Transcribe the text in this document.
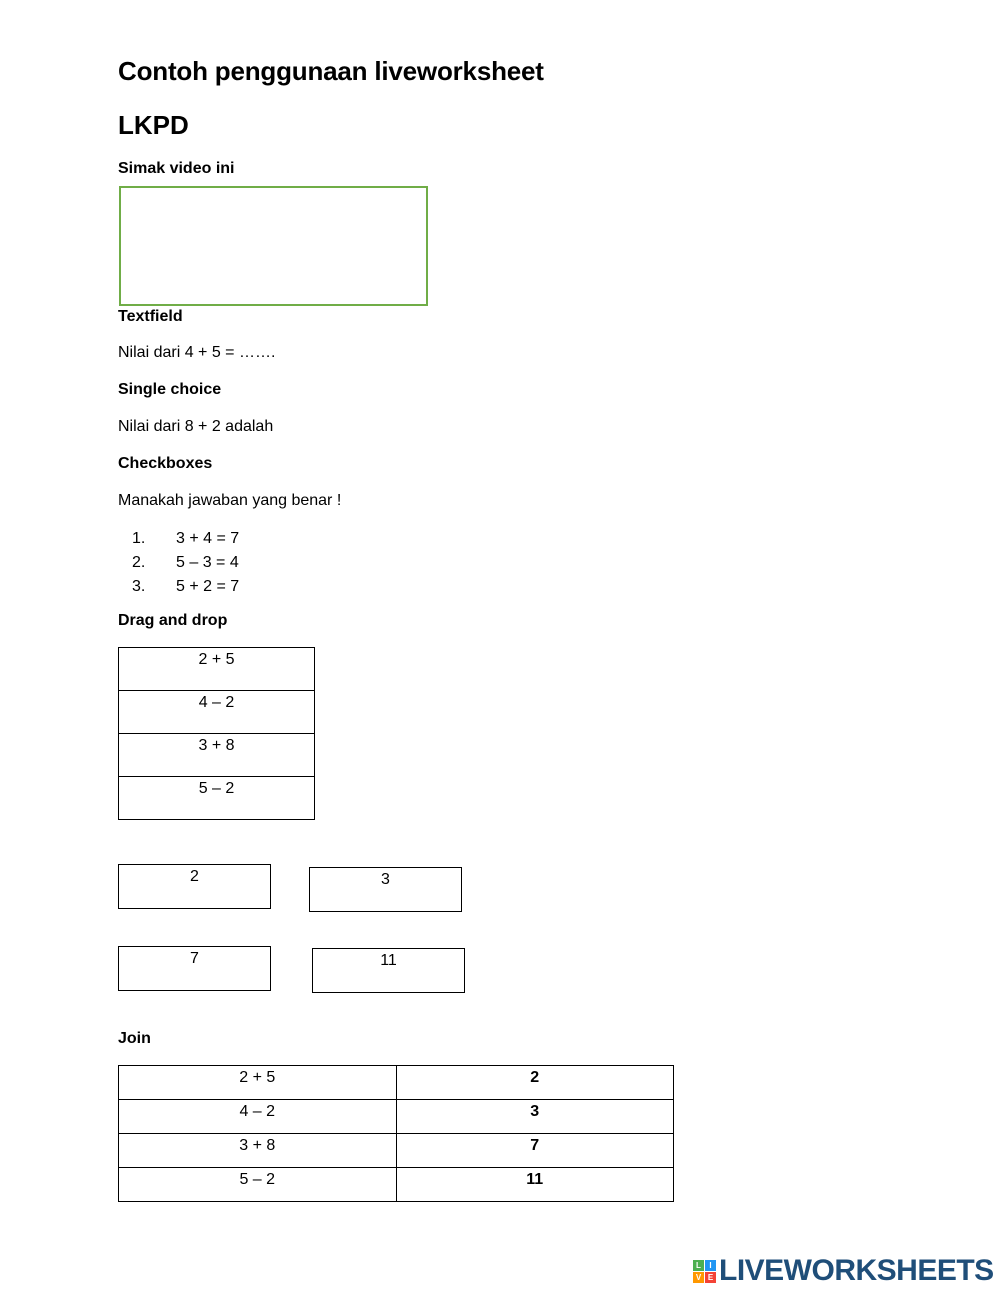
Contoh penggunaan liveworksheet
LKPD
Simak video ini
Textfield
Nilai dari 4 + 5 = …….
Single choice
Nilai dari 8 + 2 adalah
Checkboxes
Manakah jawaban yang benar !
1.	3 + 4 = 7
2.	5 – 3 = 4
3.	5 + 2 = 7
Drag and drop
2 + 5
4 – 2
3 + 8
5 – 2
2	3
7	11
Join
2 + 5	2
4 – 2	3
3 + 8	7
5 – 2	11
L	I
V E LIVEWORKSHEETS
